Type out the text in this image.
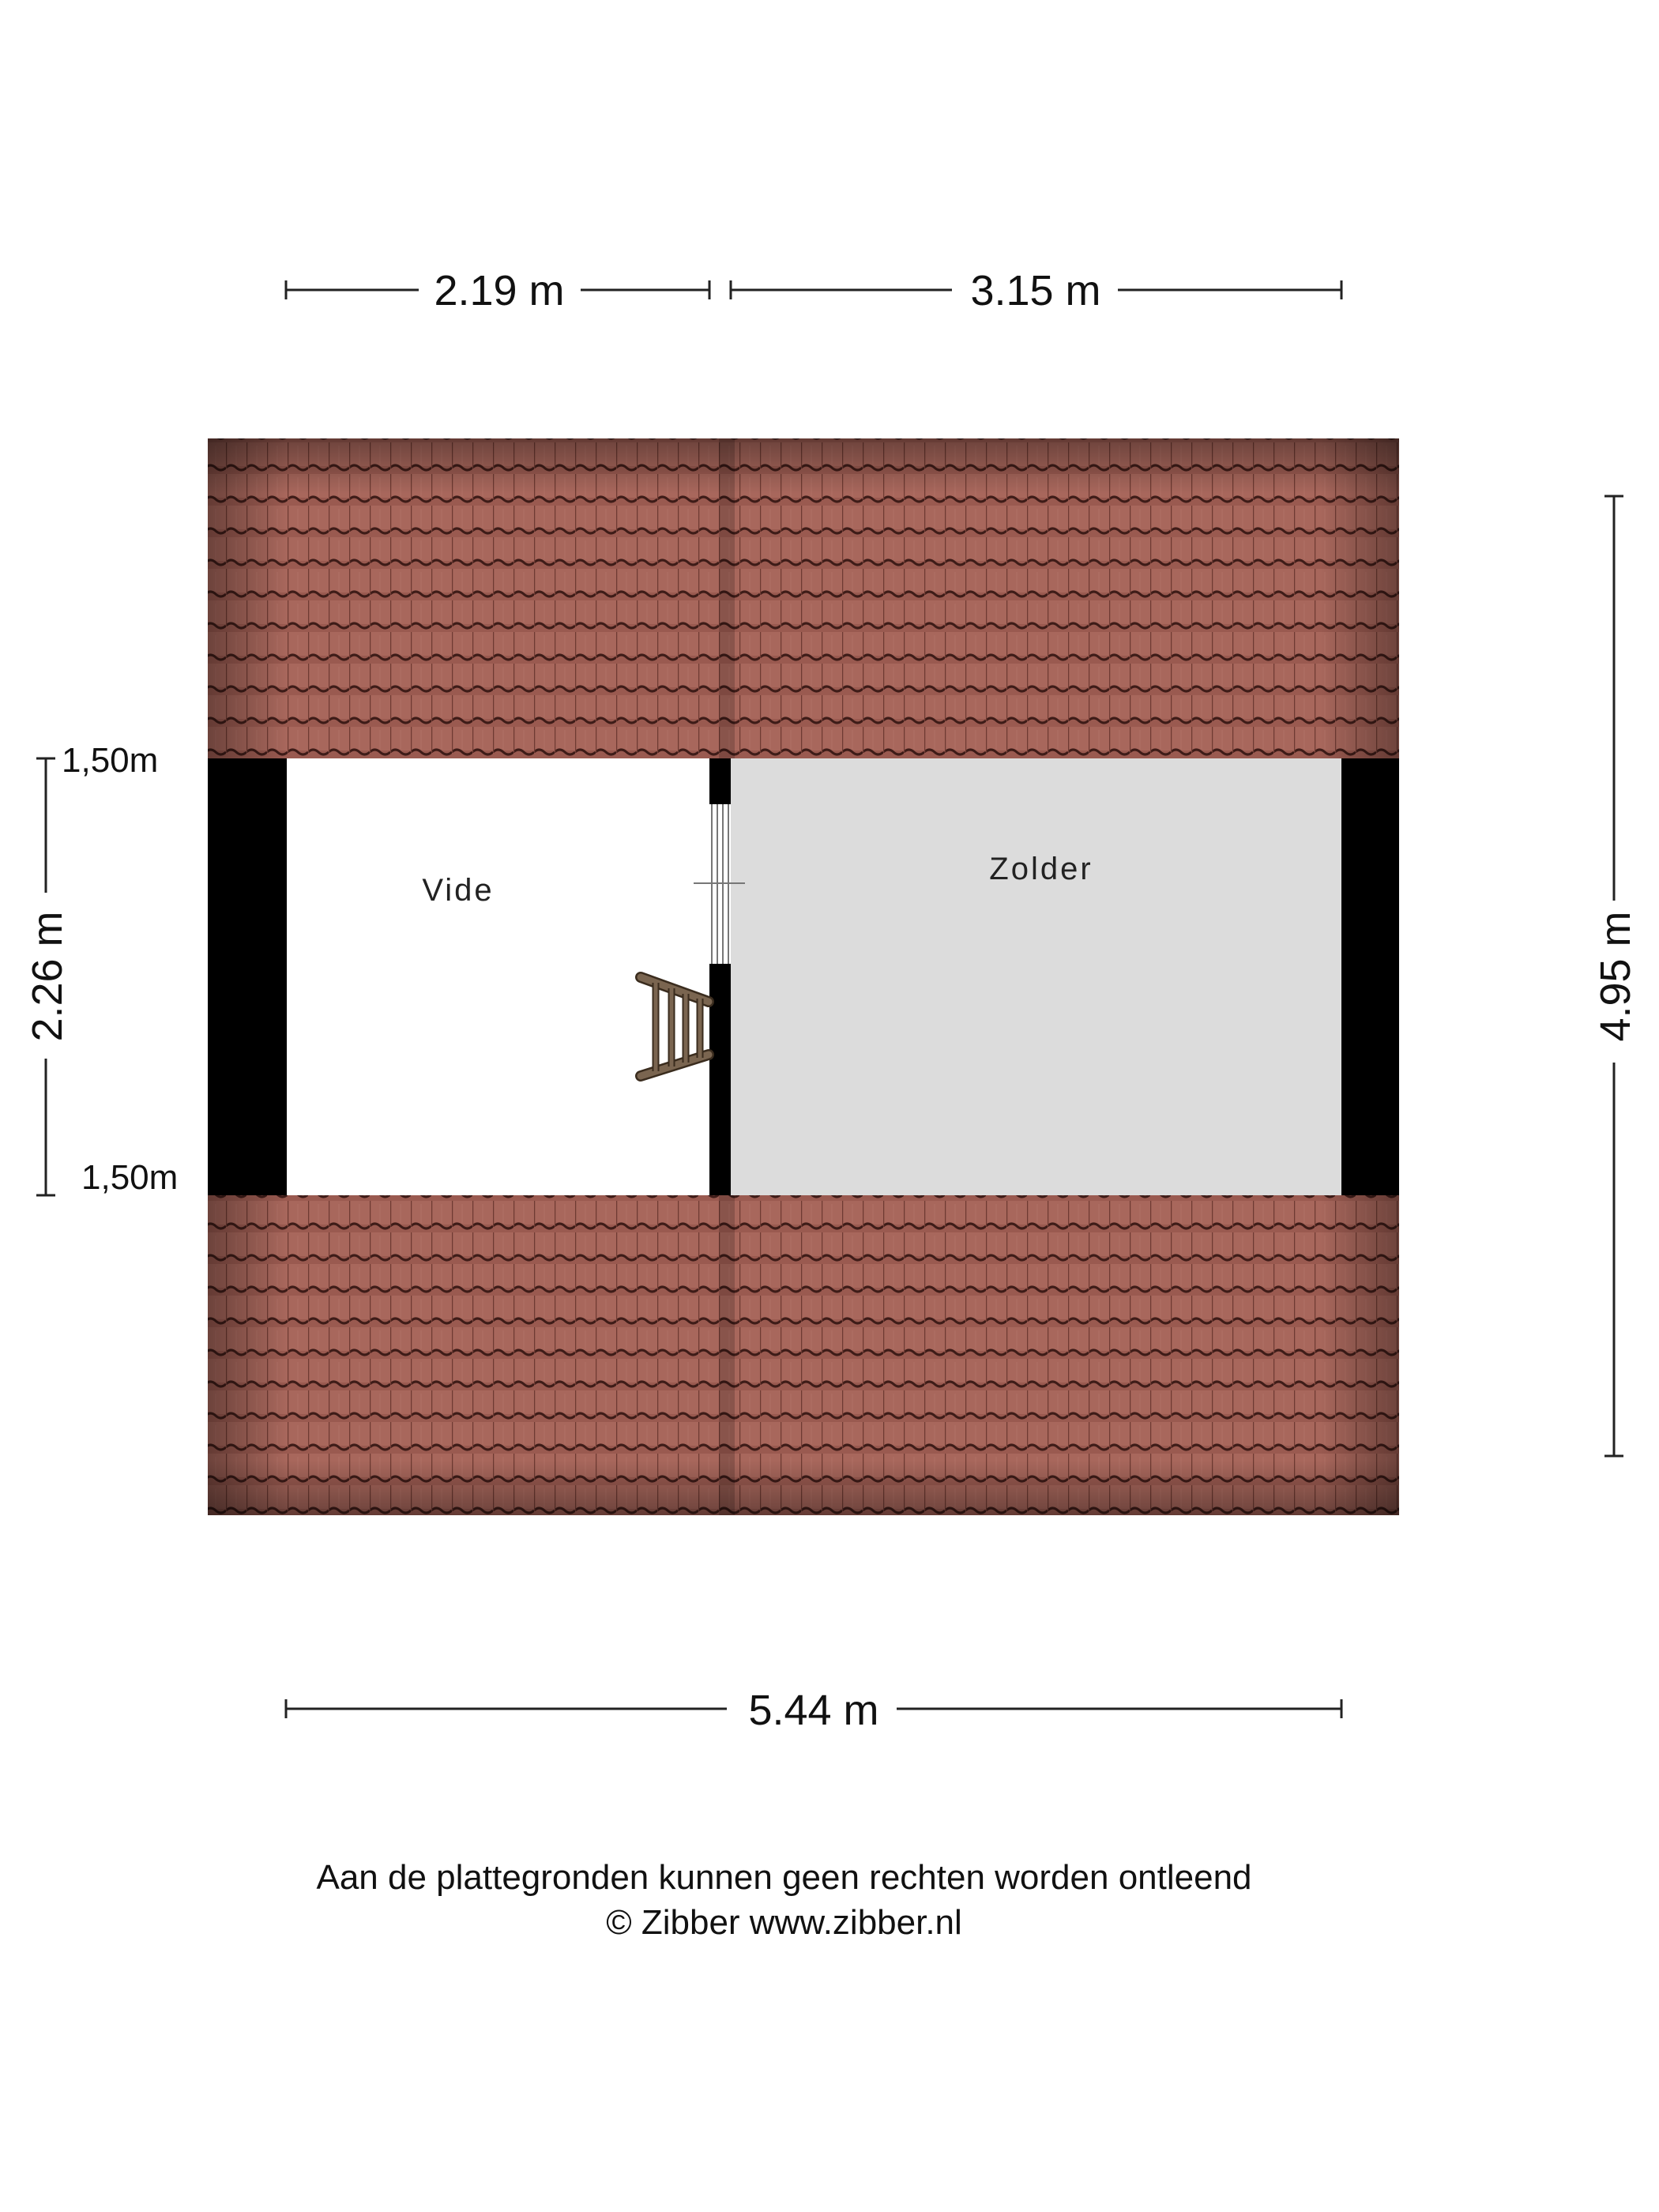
Vide
Zolder
2.19 m	3.15 m
5.44 m
2.26 m	4.95 m
1,50m
1,50m
Aan de plattegronden kunnen geen rechten worden ontleend
© Zibber www.zibber.nl
